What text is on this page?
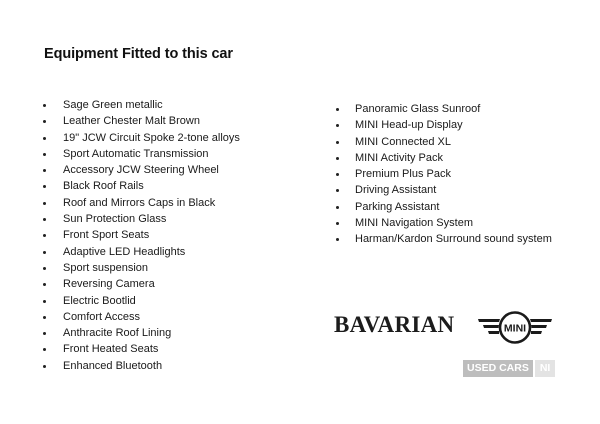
Equipment Fitted to this car
Sage Green metallic
Leather Chester Malt Brown
19" JCW Circuit Spoke 2-tone alloys
Sport Automatic Transmission
Accessory JCW Steering Wheel
Black Roof Rails
Roof and Mirrors Caps in Black
Sun Protection Glass
Front Sport Seats
Adaptive LED Headlights
Sport suspension
Reversing Camera
Electric Bootlid
Comfort Access
Anthracite Roof Lining
Front Heated Seats
Enhanced Bluetooth
Panoramic Glass Sunroof
MINI Head-up Display
MINI Connected XL
MINI Activity Pack
Premium Plus Pack
Driving Assistant
Parking Assistant
MINI Navigation System
Harman/Kardon Surround sound system
BAVARIAN	MINI
USED CARS	NI
